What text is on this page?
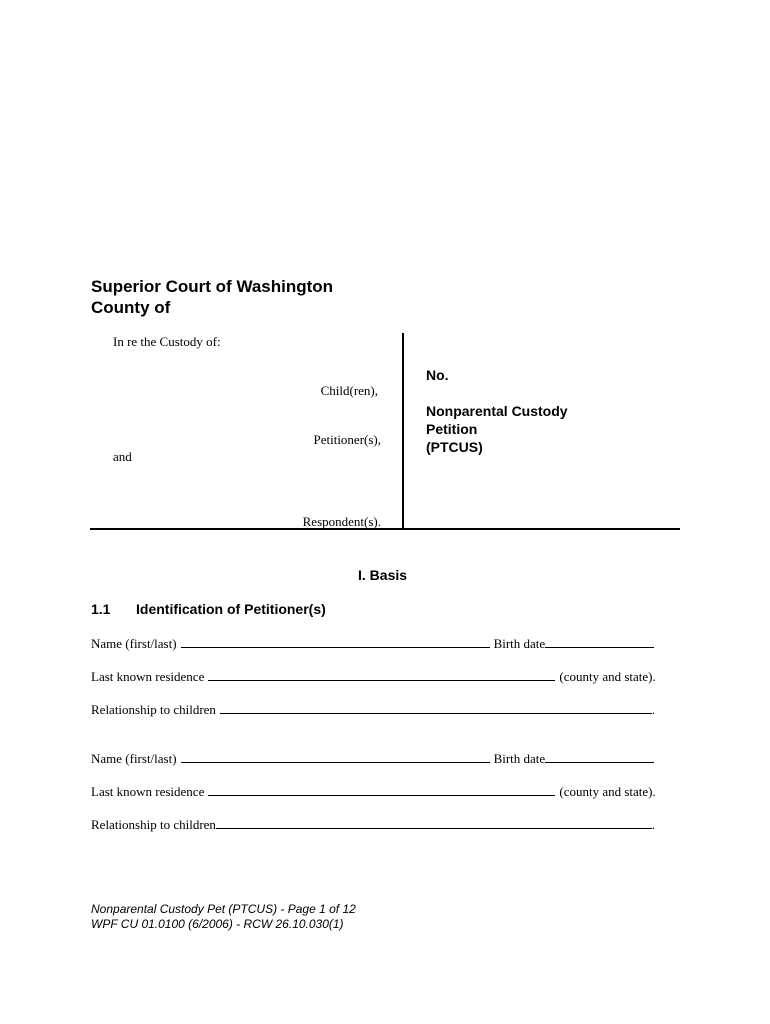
Superior Court of Washington
County of
In re the Custody of:
Child(ren),
Petitioner(s),
and
Respondent(s).
No.
Nonparental Custody
Petition
(PTCUS)
I. Basis
1.1 Identification of Petitioner(s)
Name (first/last)	Birth date
Last known residence	(county and state).
Relationship to children	.
Name (first/last)	Birth date
Last known residence	(county and state).
Relationship to children	.
Nonparental Custody Pet (PTCUS) - Page 1 of 12
WPF CU 01.0100 (6/2006) - RCW 26.10.030(1)
